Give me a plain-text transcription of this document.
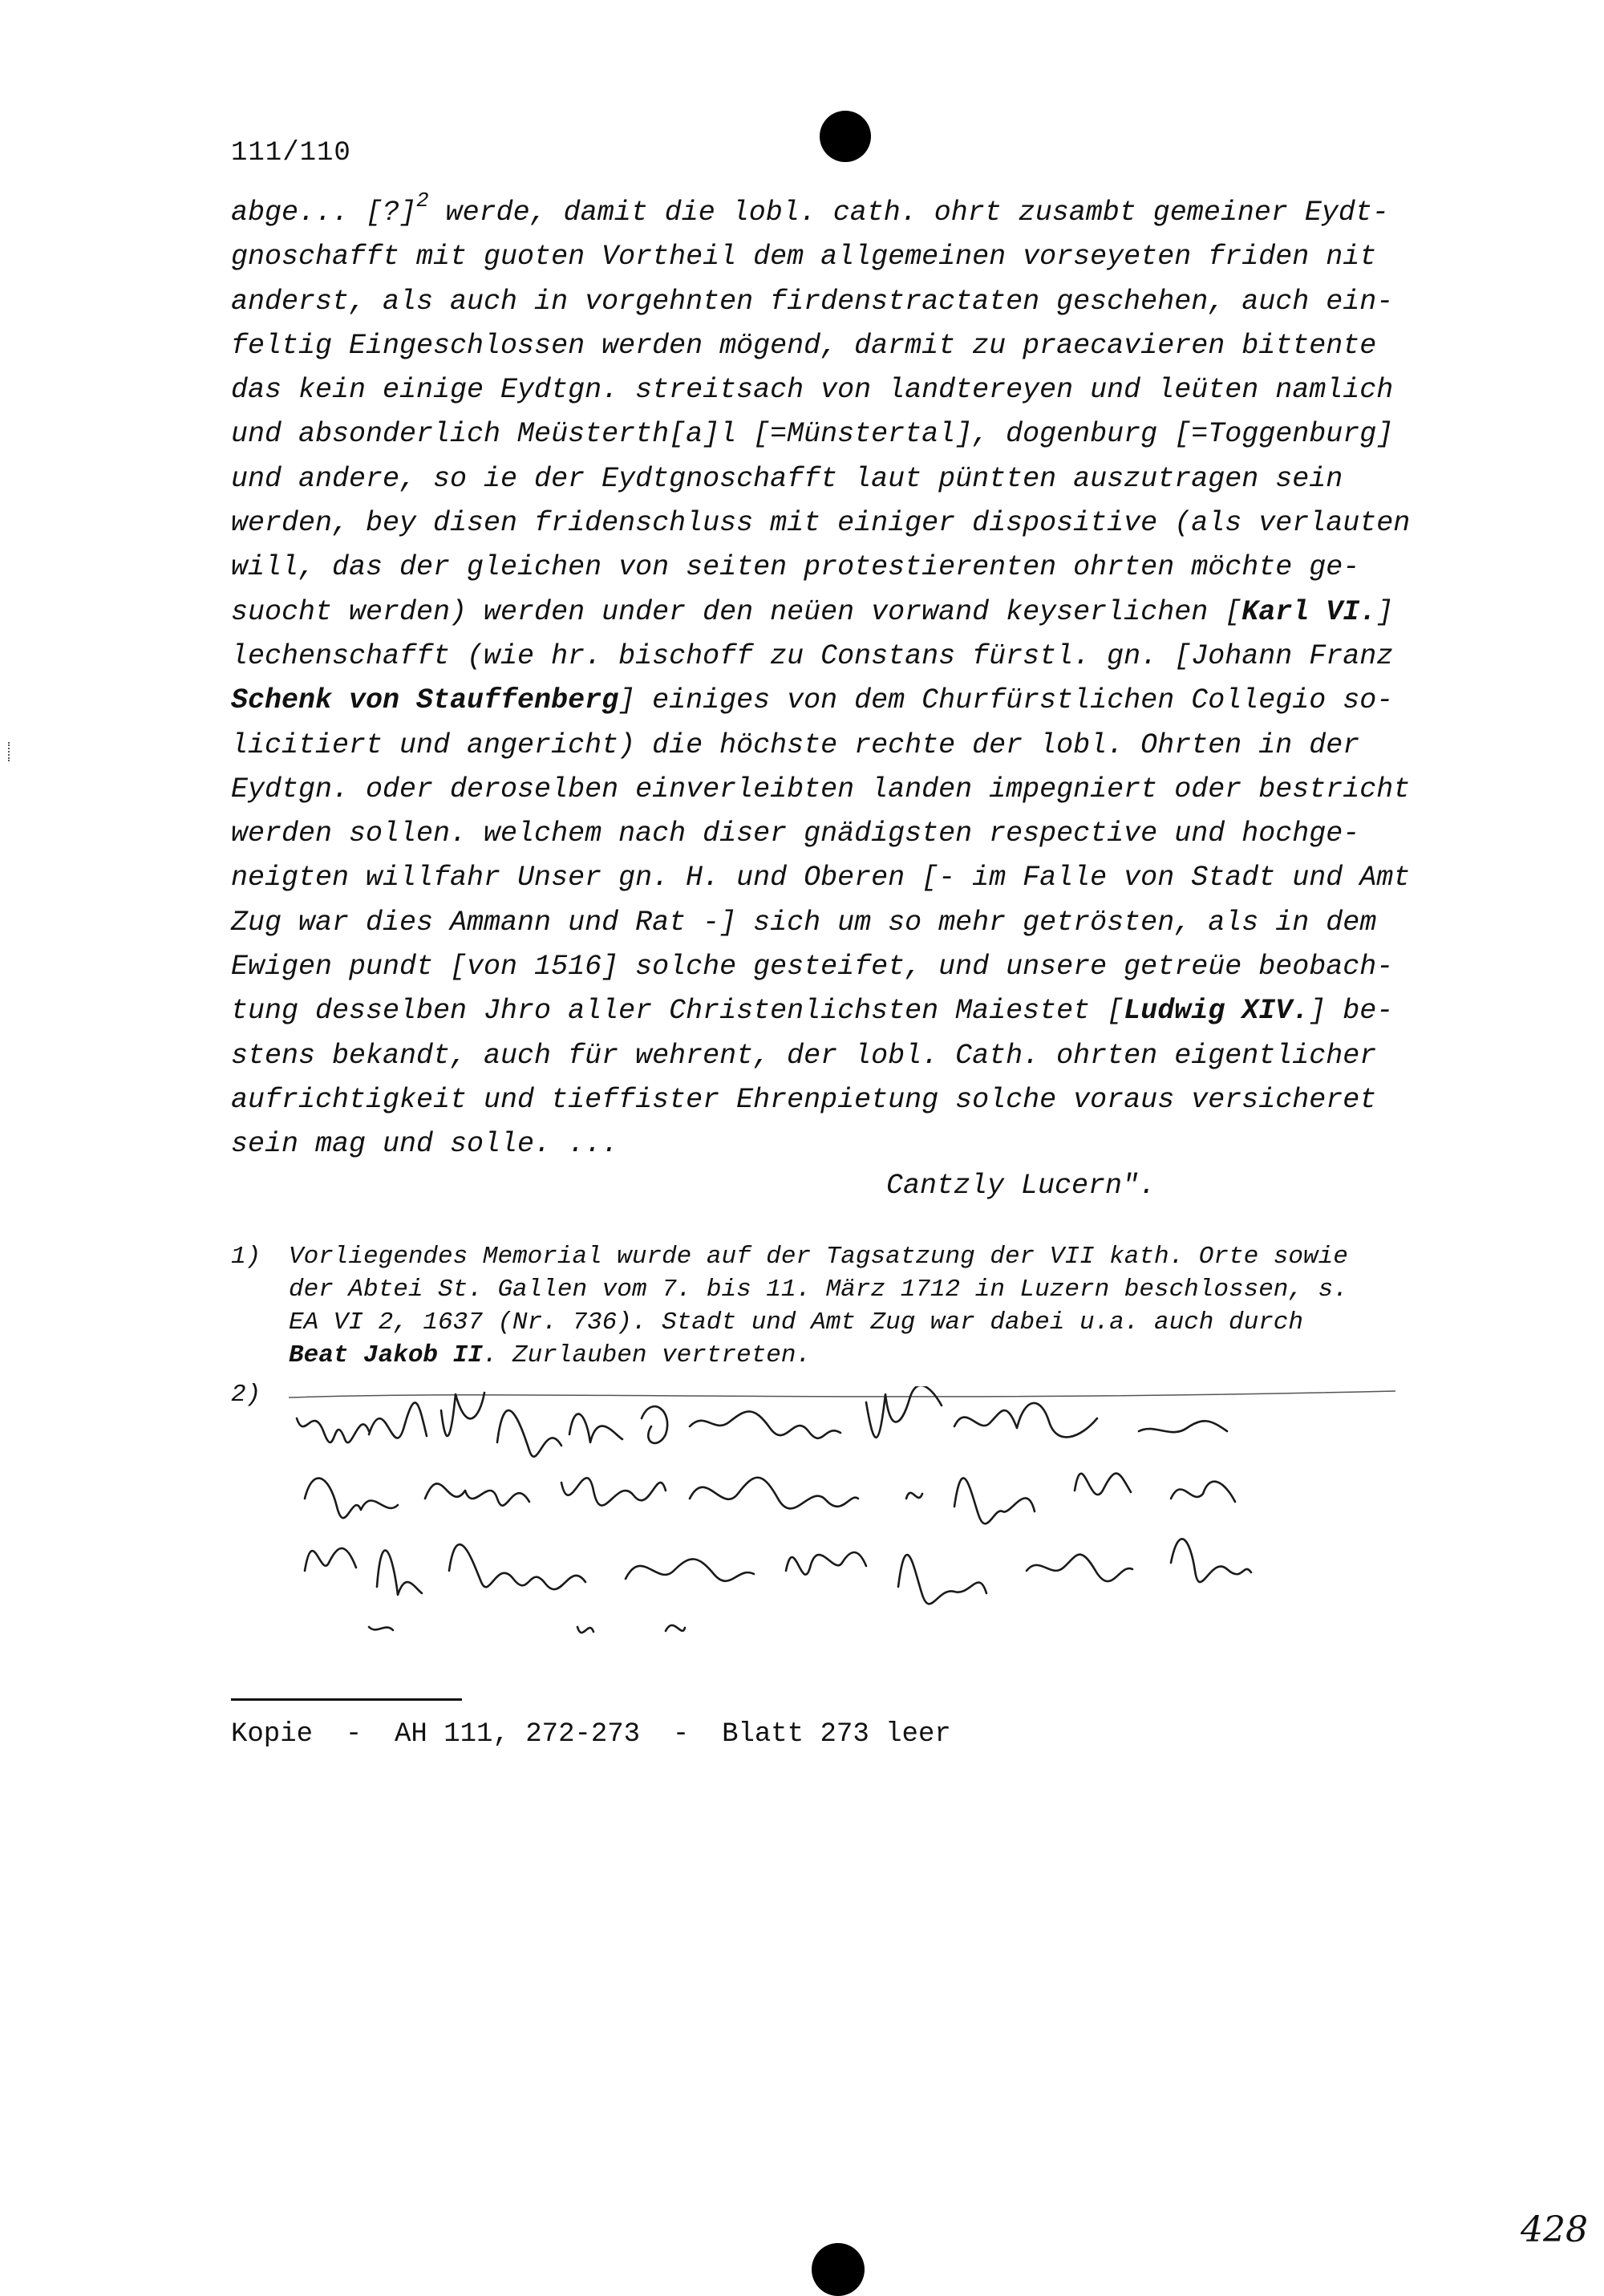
111/110
abge... [?]$^2$ werde, damit die lobl. cath. ohrt zusambt gemeiner Eydt-
gnoschafft mit guoten Vortheil dem allgemeinen vorseyeten friden nit
anderst, als auch in vorgehnten firdenstractaten geschehen, auch ein-
feltig Eingeschlossen werden mögend, darmit zu praecavieren bittente
das kein einige Eydtgn. streitsach von landtereyen und leüten namlich
und absonderlich Meüsterth[a]l [=Münstertal], dogenburg [=Toggenburg]
und andere, so ie der Eydtgnoschafft laut püntten auszutragen sein
werden, bey disen fridenschluss mit einiger dispositive (als verlauten
will, das der gleichen von seiten protestierenten ohrten möchte ge-
suocht werden) werden under den neüen vorwand keyserlichen [Karl VI.]
lechenschafft (wie hr. bischoff zu Constans fürstl. gn. [Johann Franz
Schenk von Stauffenberg] einiges von dem Churfürstlichen Collegio so-
licitiert und angericht) die höchste rechte der lobl. Ohrten in der
Eydtgn. oder deroselben einverleibten landen impegniert oder bestricht
werden sollen. welchem nach diser gnädigsten respective und hochge-
neigten willfahr Unser gn. H. und Oberen [- im Falle von Stadt und Amt
Zug war dies Ammann und Rat -] sich um so mehr getrösten, als in dem
Ewigen pundt [von 1516] solche gesteifet, und unsere getreüe beobach-
tung desselben Jhro aller Christenlichsten Maiestet [Ludwig XIV.] be-
stens bekandt, auch für wehrent, der lobl. Cath. ohrten eigentlicher
aufrichtigkeit und tieffister Ehrenpietung solche voraus versicheret
sein mag und solle. ...
Cantzly Lucern".
1) Vorliegendes Memorial wurde auf der Tagsatzung der VII kath. Orte sowie
der Abtei St. Gallen vom 7. bis 11. März 1712 in Luzern beschlossen, s.
EA VI 2, 1637 (Nr. 736). Stadt und Amt Zug war dabei u.a. auch durch
Beat Jakob II. Zurlauben vertreten.
2)
Kopie  -  AH 111, 272-273  -  Blatt 273 leer
428
